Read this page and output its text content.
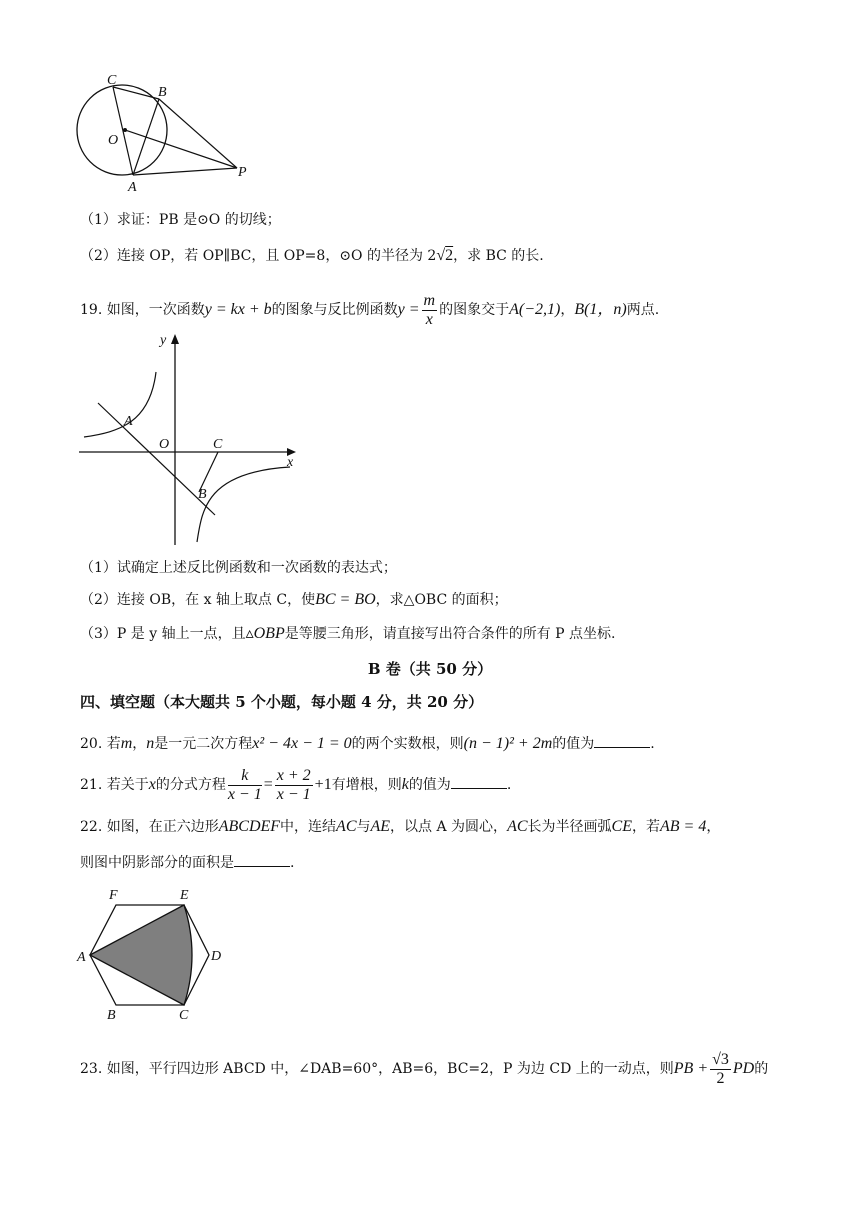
C
B
O
A
P
（1）求证：PB 是⊙O 的切线；
（2）连接 OP，若 OP∥BC，且 OP=8，⊙O 的半径为 2√2，求 BC 的长.
19. 如图，一次函数y = kx + b的图象与反比例函数$y = \frac{m}{x}$ 的图象交于A(−2,1)，B(1，n)两点.
y
x
O
A
B
C
（1）试确定上述反比例函数和一次函数的表达式；
（2）连接 OB，在 x 轴上取点 C，使BC = BO，求△OBC 的面积；
（3）P 是 y 轴上一点，且▵OBP是等腰三角形，请直接写出符合条件的所有 P 点坐标.
B 卷（共 50 分）
四、填空题（本大题共 5 个小题，每小题 4 分，共 20 分）
20. 若m，n是一元二次方程x² − 4x − 1 = 0的两个实数根，则(n − 1)² + 2m的值为	.
21. 若关于x的分式方程 $\frac{k}{x - 1} = \frac{x + 2}{x - 1} +1$有增根，则k的值为	.
22. 如图，在正六边形ABCDEF中，连结AC与AE，以点 A 为圆心，AC长为半径画弧CE，若AB = 4，
则图中阴影部分的面积是	.
F	E
A	D
B	C
23. 如图，平行四边形 ABCD 中，∠DAB=60°，AB=6，BC=2，P 为边 CD 上的一动点，则PB + $\frac{√3}{2}$ PD的
